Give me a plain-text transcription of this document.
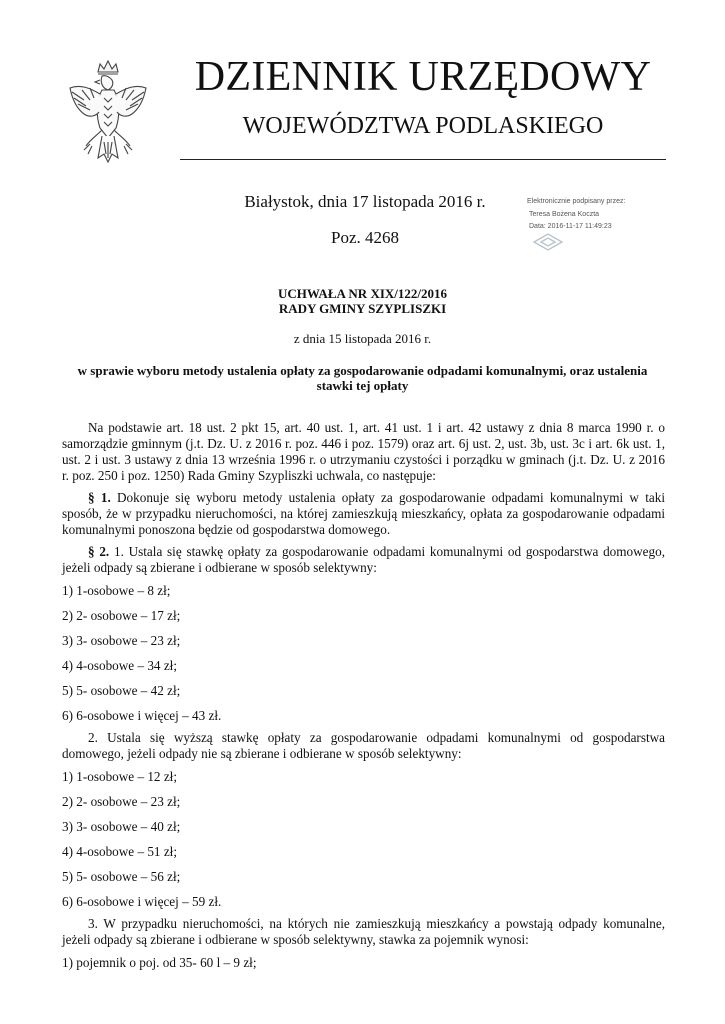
DZIENNIK URZĘDOWY
WOJEWÓDZTWA PODLASKIEGO
Białystok, dnia 17 listopada 2016 r.
Poz. 4268
Elektronicznie podpisany przez:
Teresa Bożena Koczta
Data: 2016-11-17 11:49:23
UCHWAŁA NR XIX/122/2016
RADY GMINY SZYPLISZKI
z dnia 15 listopada 2016 r.
w sprawie wyboru metody ustalenia opłaty za gospodarowanie odpadami komunalnymi, oraz ustalenia
stawki tej opłaty

Na podstawie art. 18 ust. 2 pkt 15, art. 40 ust. 1, art. 41 ust. 1 i art. 42 ustawy z dnia 8 marca 1990 r. o samorządzie gminnym (j.t. Dz. U. z 2016 r. poz. 446 i poz. 1579) oraz art. 6j ust. 2, ust. 3b, ust. 3c i art. 6k ust. 1, ust. 2 i ust. 3 ustawy z dnia 13 września 1996 r. o utrzymaniu czystości i porządku w gminach (j.t. Dz. U. z 2016 r. poz. 250 i poz. 1250) Rada Gminy Szypliszki uchwala, co następuje:

§ 1. Dokonuje się wyboru metody ustalenia opłaty za gospodarowanie odpadami komunalnymi w taki sposób, że w przypadku nieruchomości, na której zamieszkują mieszkańcy, opłata za gospodarowanie odpadami komunalnymi ponoszona będzie od gospodarstwa domowego.

§ 2. 1. Ustala się stawkę opłaty za gospodarowanie odpadami komunalnymi od gospodarstwa domowego, jeżeli odpady są zbierane i odbierane w sposób selektywny:

1) 1-osobowe – 8 zł;

2) 2- osobowe – 17 zł;

3) 3- osobowe – 23 zł;

4) 4-osobowe – 34 zł;

5) 5- osobowe – 42 zł;

6) 6-osobowe i więcej – 43 zł.

2. Ustala się wyższą stawkę opłaty za gospodarowanie odpadami komunalnymi od gospodarstwa domowego, jeżeli odpady nie są zbierane i odbierane w sposób selektywny:

1) 1-osobowe – 12 zł;

2) 2- osobowe – 23 zł;

3) 3- osobowe – 40 zł;

4) 4-osobowe – 51 zł;

5) 5- osobowe – 56 zł;

6) 6-osobowe i więcej – 59 zł.

3. W przypadku nieruchomości, na których nie zamieszkują mieszkańcy a powstają odpady komunalne, jeżeli odpady są zbierane i odbierane w sposób selektywny, stawka za pojemnik wynosi:

1) pojemnik o poj. od 35- 60 l – 9 zł;
